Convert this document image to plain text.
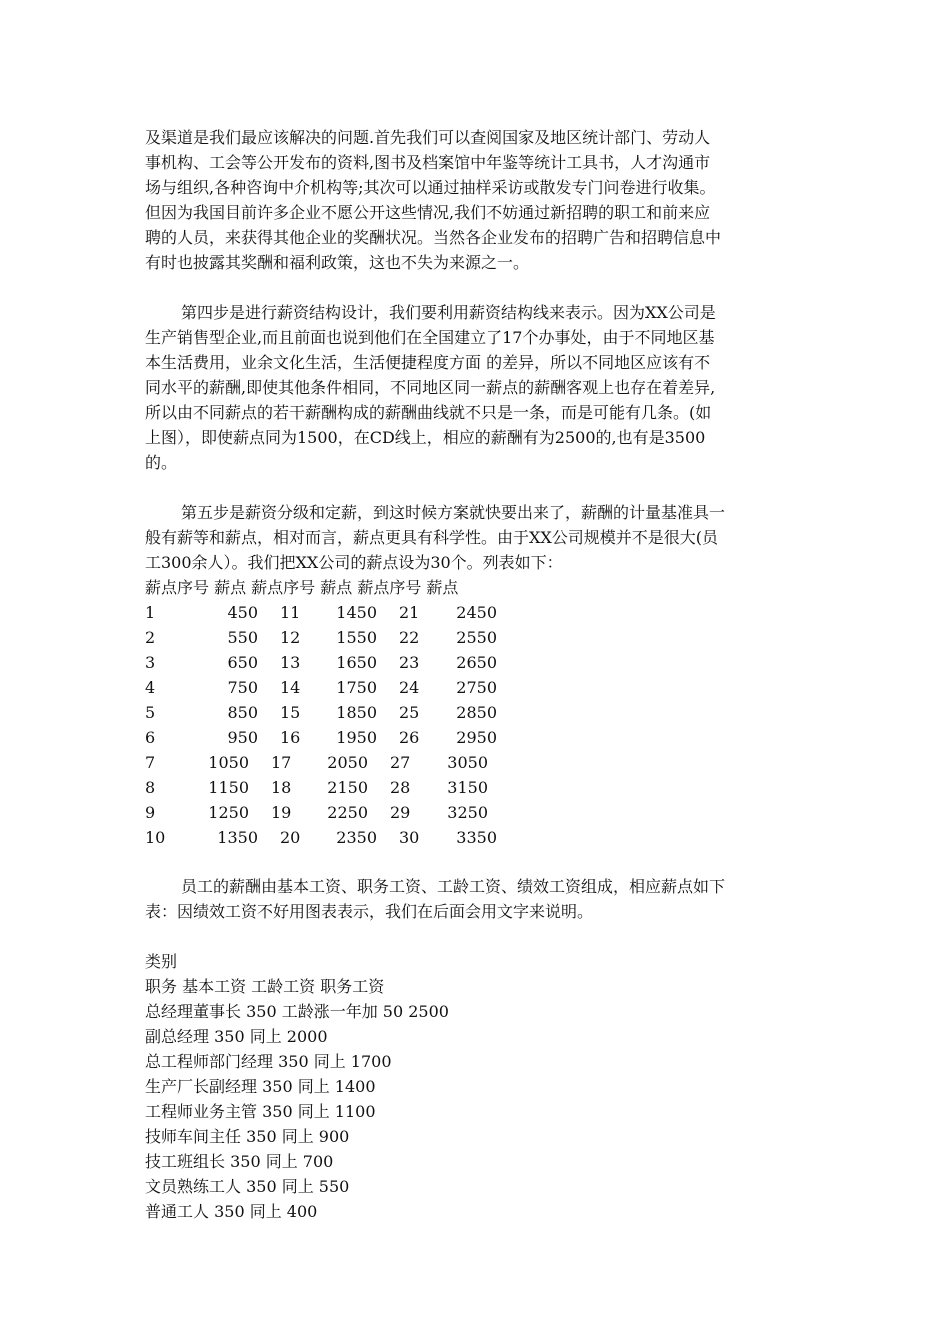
及渠道是我们最应该解决的问题.首先我们可以查阅国家及地区统计部门、劳动人
事机构、工会等公开发布的资料,图书及档案馆中年鉴等统计工具书，人才沟通市
场与组织,各种咨询中介机构等;其次可以通过抽样采访或散发专门问卷进行收集。
但因为我国目前许多企业不愿公开这些情况,我们不妨通过新招聘的职工和前来应
聘的人员，来获得其他企业的奖酬状况。当然各企业发布的招聘广告和招聘信息中
有时也披露其奖酬和福利政策，这也不失为来源之一。
第四步是进行薪资结构设计，我们要利用薪资结构线来表示。因为XX公司是
生产销售型企业,而且前面也说到他们在全国建立了17个办事处，由于不同地区基
本生活费用，业余文化生活，生活便捷程度方面 的差异，所以不同地区应该有不
同水平的薪酬,即使其他条件相同，不同地区同一薪点的薪酬客观上也存在着差异,
所以由不同薪点的若干薪酬构成的薪酬曲线就不只是一条，而是可能有几条。(如
上图），即使薪点同为1500，在CD线上，相应的薪酬有为2500的,也有是3500
的。
第五步是薪资分级和定薪，到这时候方案就快要出来了，薪酬的计量基准具一
般有薪等和薪点，相对而言，薪点更具有科学性。由于XX公司规模并不是很大(员
工300余人）。我们把XX公司的薪点设为30个。列表如下：
薪点序号 薪点 薪点序号 薪点 薪点序号 薪点
1	450 11 1450 21 2450
2	550 12 1550 22 2550
3	650 13 1650 23 2650
4	750 14 1750 24 2750
5	850 15 1850 25 2850
6	950 16 1950 26 2950
7	1050 17 2050 27 3050
8	1150 18 2150 28 3150
9	1250 19 2250 29 3250
10	1350 20 2350 30 3350
员工的薪酬由基本工资、职务工资、工龄工资、绩效工资组成，相应薪点如下
表：因绩效工资不好用图表表示，我们在后面会用文字来说明。
类别
职务 基本工资 工龄工资 职务工资
总经理董事长 350 工龄涨一年加 50 2500
副总经理 350 同上 2000
总工程师部门经理 350 同上 1700
生产厂长副经理 350 同上 1400
工程师业务主管 350 同上 1100
技师车间主任 350 同上 900
技工班组长 350 同上 700
文员熟练工人 350 同上 550
普通工人 350 同上 400
